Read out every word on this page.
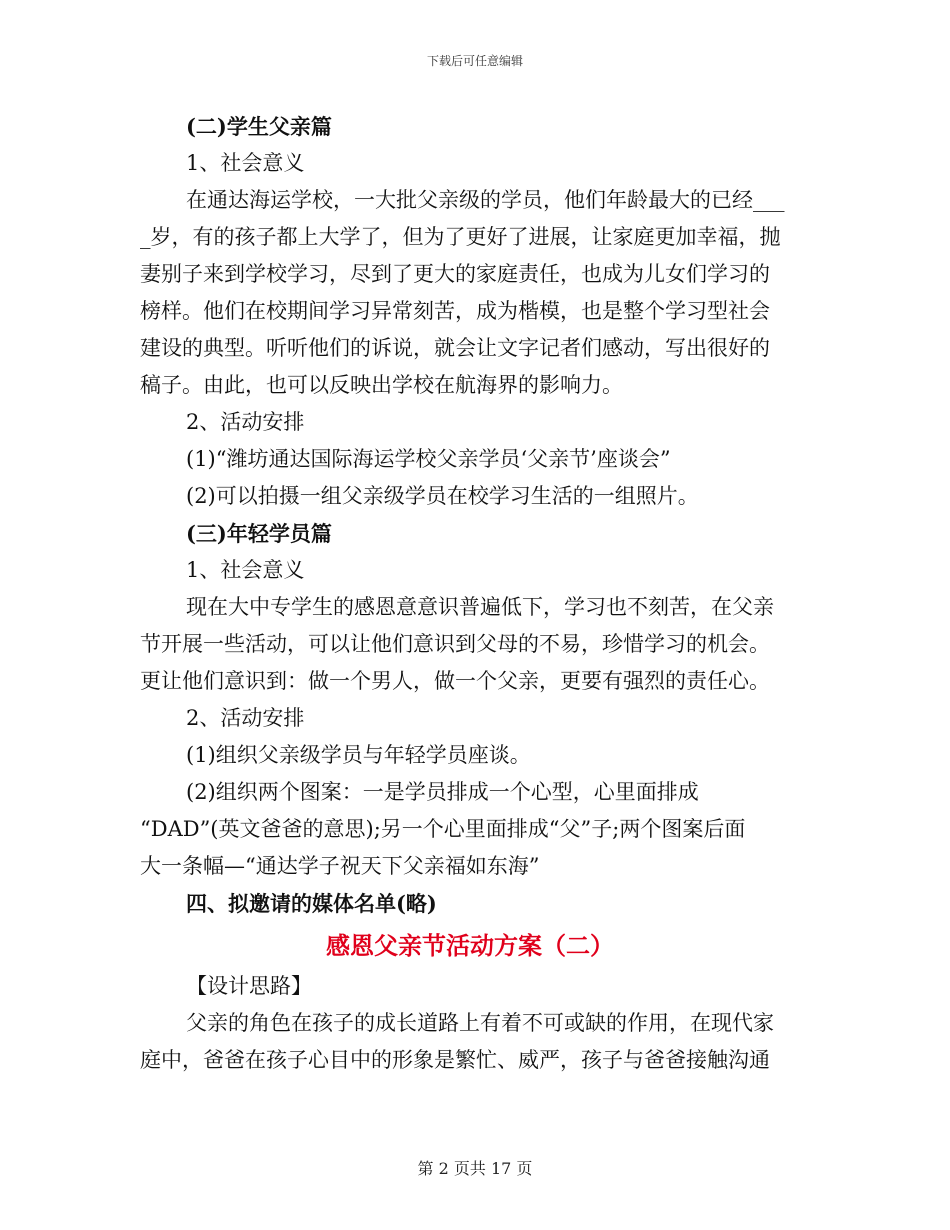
下载后可任意编辑
(二)学生父亲篇
1、社会意义
在通达海运学校，一大批父亲级的学员，他们年龄最大的已经___
_岁，有的孩子都上大学了，但为了更好了进展，让家庭更加幸福，抛
妻别子来到学校学习，尽到了更大的家庭责任，也成为儿女们学习的
榜样。他们在校期间学习异常刻苦，成为楷模，也是整个学习型社会
建设的典型。听听他们的诉说，就会让文字记者们感动，写出很好的
稿子。由此，也可以反映出学校在航海界的影响力。
2、活动安排
(1)“潍坊通达国际海运学校父亲学员‘父亲节’座谈会”
(2)可以拍摄一组父亲级学员在校学习生活的一组照片。
(三)年轻学员篇
1、社会意义
现在大中专学生的感恩意意识普遍低下，学习也不刻苦，在父亲
节开展一些活动，可以让他们意识到父母的不易，珍惜学习的机会。
更让他们意识到：做一个男人，做一个父亲，更要有强烈的责任心。
2、活动安排
(1)组织父亲级学员与年轻学员座谈。
(2)组织两个图案：一是学员排成一个心型，心里面排成
“DAD”(英文爸爸的意思);另一个心里面排成“父”子;两个图案后面
大一条幅—“通达学子祝天下父亲福如东海”
四、拟邀请的媒体名单(略)
感恩父亲节活动方案（二）
【设计思路】
父亲的角色在孩子的成长道路上有着不可或缺的作用，在现代家
庭中，爸爸在孩子心目中的形象是繁忙、威严，孩子与爸爸接触沟通
第 2 页共 17 页
